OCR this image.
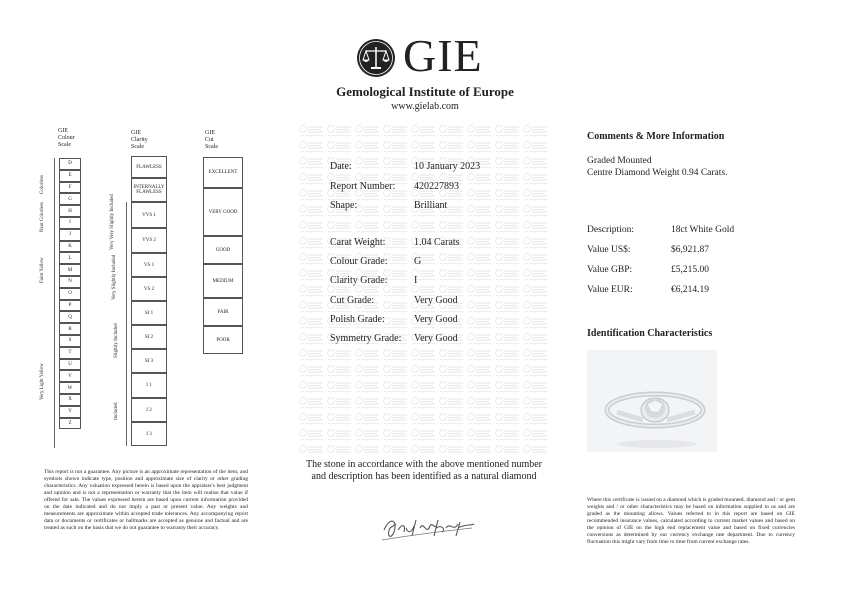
GIE
Gemological Institute of Europe
www.gielab.com
GIE
Colour
Scale
D
E
F
G
H
I
J
K
L
M
N
O
P
Q
R
S
T
U
V
W
X
Y
Z
Colorless
Near Colorless
Faint Yellow
Very Light Yellow
GIE
Clarity
Scale
FLAWLESS
INTERNALLY FLAWLESS
VVS 1
VVS 2
VS 1
VS 2
SI 1
SI 2
SI 3
I 1
I 2
I 3
Very Very Slightly Included
Very Slightly Included
Slightly Included
Included
GIE
Cut
Scale
EXCELLENT
VERY GOOD
GOOD
MEDIUM
FAIR
POOR
Date:	10 January 2023
Report Number: 420227893
Shape:	Brilliant
Carat Weight:	1.04 Carats
Colour Grade:	G
Clarity Grade:	I
Cut Grade:	Very Good
Polish Grade:	Very Good
Symmetry Grade: Very Good
The stone in accordance with the above mentioned number
and description has been identified as a natural diamond
Comments & More Information
Graded Mounted
Centre Diamond Weight 0.94 Carats.
Description:	18ct White Gold
Value US$:	$6,921.87
Value GBP:	£5,215.00
Value EUR:	€6,214.19
Identification Characteristics
This report is not a guarantee. Any picture is an approximate representation of the item, and symbols shown indicate type, position and approximate size of clarity or other grading characteristics. Any valuation expressed herein is based upon the appraiser's best judgment and opinion and is not a representation or warranty that the item will realise that value if offered for sale. The values expressed herein are based upon current information provided on the date indicated and do not imply a past or present value. Any weights and measurements are approximate within accepted trade tolerances. Any accompanying report data or documents or certificates or hallmarks are accepted as genuine and factual and are treated as such on the basis that we do not guarantee to warranty their accuracy.
Where this certificate is issued on a diamond which is graded mounted, diamond and / or gem weights and / or other characteristics may be based on information supplied to us and are graded as the mounting allows. Values referred to in this report are based on GIE recommended insurance values, calculated according to current market values and based on the opinion of GIE on the high end replacement value and based on fixed currencies conversions as determined by our currency exchange rate department. Due to currency fluctuation this might vary from time to time from current exchange rates.
